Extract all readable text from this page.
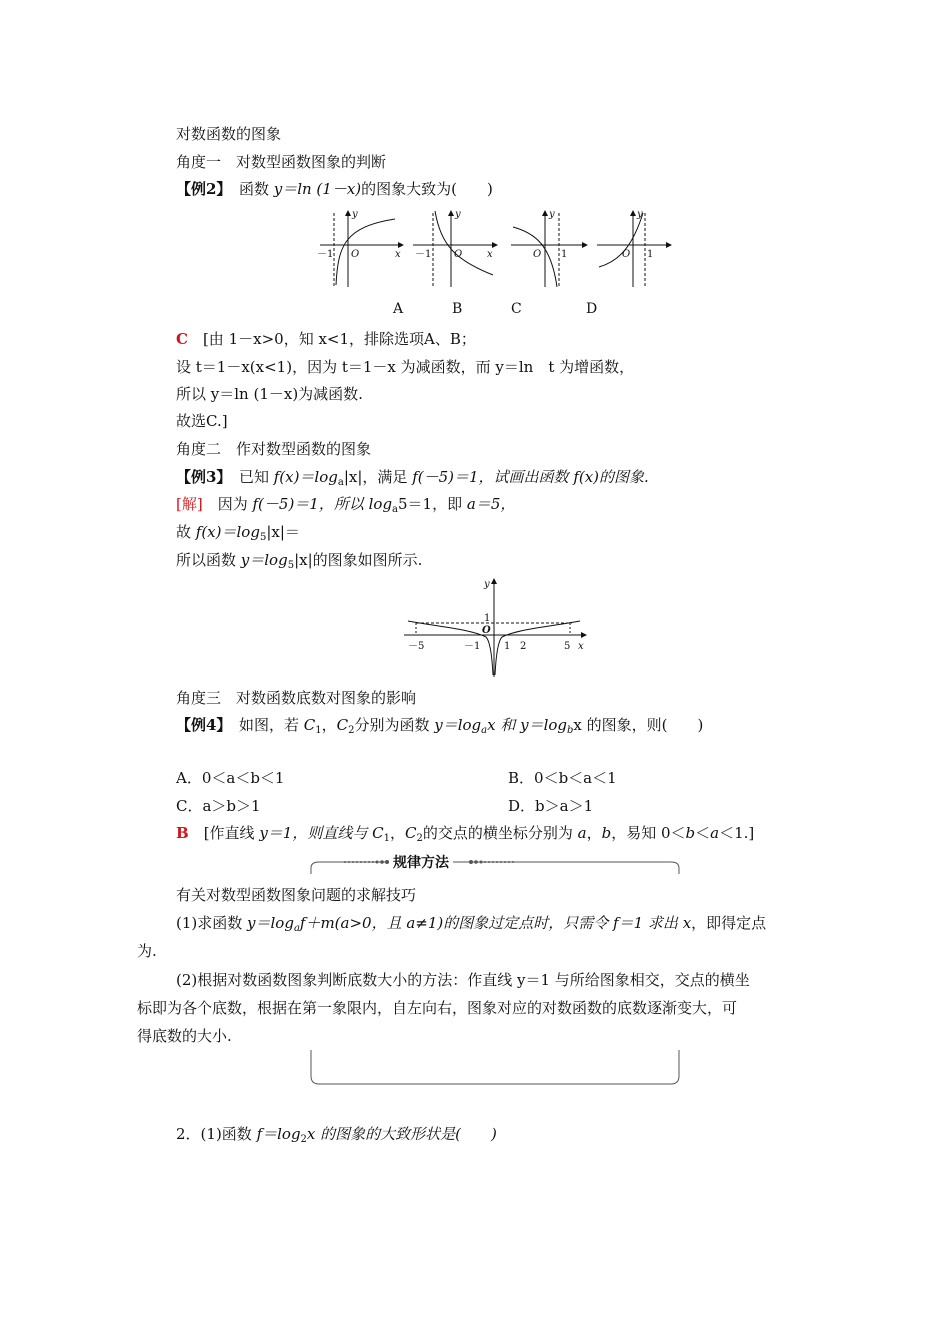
对数函数的图象
角度一　对数型函数图象的判断
【例2】　函数 y＝ln (1－x)的图象大致为(　　)
－1 O	x
y
－1 O x
y
O 1
y
O 1
y
A	B	C	D
C　[由 1－x>0，知 x<1，排除选项A、B；
设 t＝1－x(x<1)，因为 t＝1－x 为减函数，而 y＝ln　t 为增函数，
所以 y＝ln (1－x)为减函数.
故选C.]
角度二　作对数型函数的图象
【例3】　已知 $f(x)=\log_a|x|$，满足 f(－5)＝1，试画出函数 f(x)的图象.
[解]　因为 f(－5)＝1，所以 $\log_a5=1$，即 a＝5，
故 $f(x)=\log_5|x|=$
所以函数 $y=\log_5|x|$的图象如图所示.
y
1
O
－5	－1 1 2	5 x
角度三　对数函数底数对图象的影响
【例4】　如图，若 $C_1$，$C_2$分别为函数 $y=\log_ax$ 和 $y=\log_bx$ 的图象，则(　　)
A．0＜a＜b＜1	B．0＜b＜a＜1
C．a＞b＞1	D．b＞a＞1
B　[作直线 y＝1，则直线与 $C_1$，$C_2$的交点的横坐标分别为 a，b，易知 0＜b＜a＜1.]
规律方法
有关对数型函数图象问题的求解技巧
(1)求函数 $y=\log_af+m(a>0$，且 a≠1)的图象过定点时，只需令 f＝1 求出 x，即得定点
为.
(2)根据对数函数图象判断底数大小的方法：作直线 y＝1 与所给图象相交，交点的横坐
标即为各个底数，根据在第一象限内，自左向右，图象对应的对数函数的底数逐渐变大，可
得底数的大小.
2．(1)函数 $f=\log_2x$ 的图象的大致形状是(　　)
